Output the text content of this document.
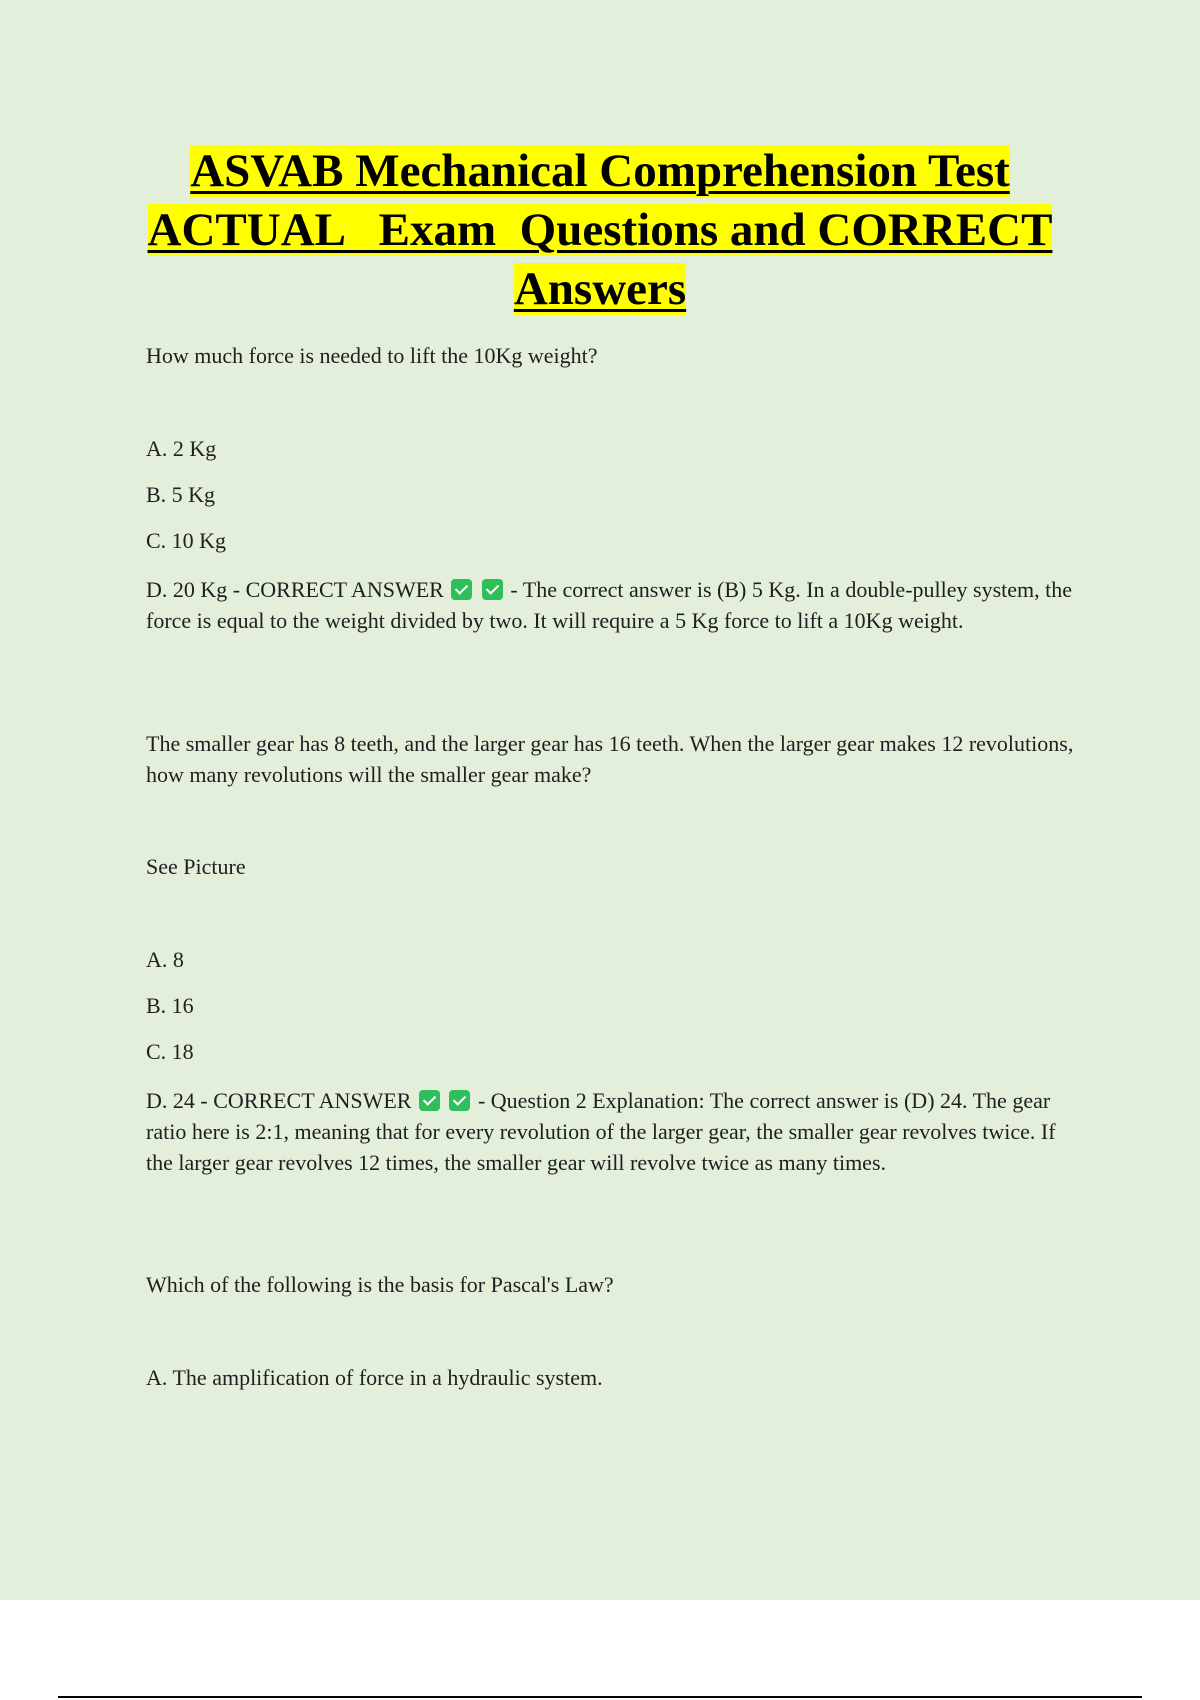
ASVAB Mechanical Comprehension Test
ACTUAL   Exam  Questions and CORRECT
Answers
How much force is needed to lift the 10Kg weight?
A. 2 Kg
B. 5 Kg
C. 10 Kg
D. 20 Kg - CORRECT ANSWER	- The correct answer is (B) 5 Kg. In a double-pulley system, the force is equal to the weight divided by two. It will require a 5 Kg force to lift a 10Kg weight.
The smaller gear has 8 teeth, and the larger gear has 16 teeth. When the larger gear makes 12 revolutions, how many revolutions will the smaller gear make?
See Picture
A. 8
B. 16
C. 18
D. 24 - CORRECT ANSWER	- Question 2 Explanation: The correct answer is (D) 24. The gear ratio here is 2:1, meaning that for every revolution of the larger gear, the smaller gear revolves twice. If the larger gear revolves 12 times, the smaller gear will revolve twice as many times.
Which of the following is the basis for Pascal's Law?
A. The amplification of force in a hydraulic system.
